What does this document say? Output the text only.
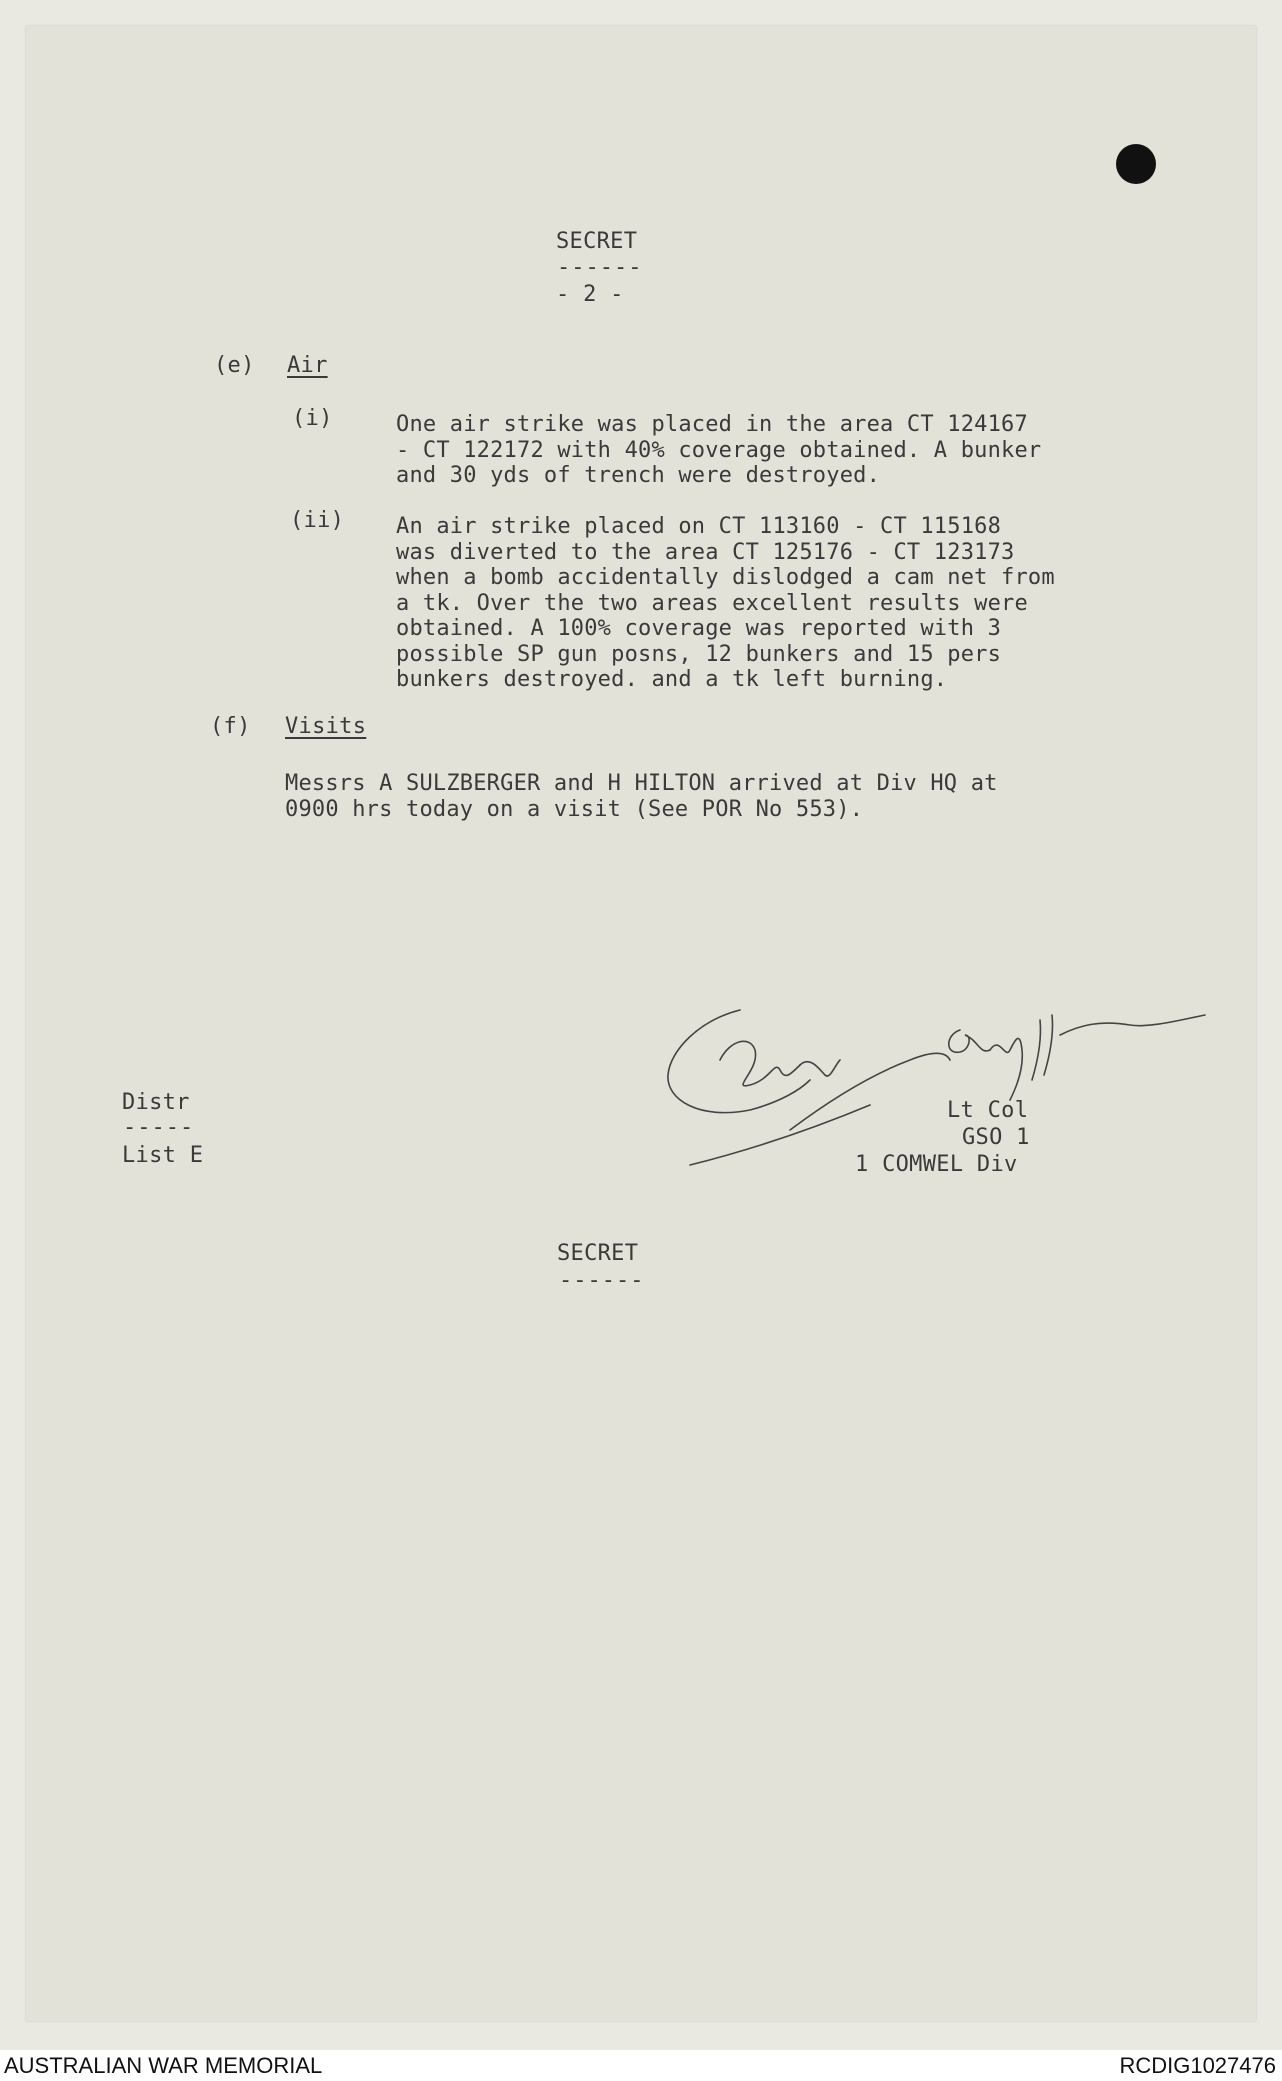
SECRET
------
- 2 -
(e) Air
(i)	One air strike was placed in the area CT 124167
- CT 122172 with 40% coverage obtained. A bunker
and 30 yds of trench were destroyed.
(ii) An air strike placed on CT 113160 - CT 115168
was diverted to the area CT 125176 - CT 123173
when a bomb accidentally dislodged a cam net from
a tk. Over the two areas excellent results were
obtained. A 100% coverage was reported with 3
possible SP gun posns, 12 bunkers and 15 pers
bunkers destroyed. and a tk left burning.
(f) Visits
Messrs A SULZBERGER and H HILTON arrived at Div HQ at
0900 hrs today on a visit (See POR No 553).
Distr
-----
List E
Lt Col
GSO 1
1 COMWEL Div
SECRET
------
AUSTRALIAN WAR MEMORIAL	RCDIG1027476
